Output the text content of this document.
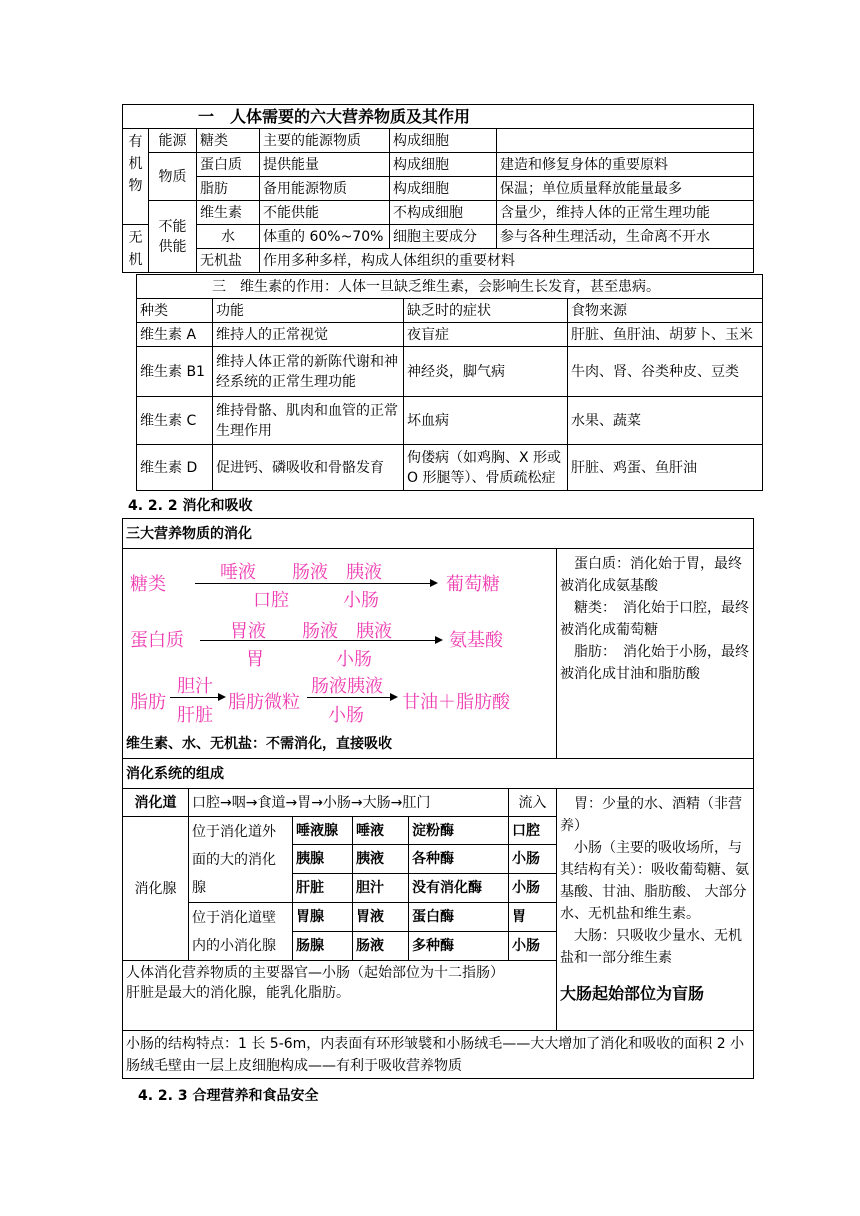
一　人体需要的六大营养物质及其作用					
有机物	能源	糖类	主要的能源物质	构成细胞	
	物质	蛋白质	提供能量	构成细胞	建造和修复身体的重要原料
		脂肪	备用能源物质	构成细胞	保温；单位质量释放能量最多
	不能供能	维生素	不能供能	不构成细胞	含量少，维持人体的正常生理功能
无机		水	体重的 60%~70%	细胞主要成分	参与各种生理活动，生命离不开水
		无机盐	作用多种多样，构成人体组织的重要材料		
三　维生素的作用：人体一旦缺乏维生素，会影响生长发育，甚至患病。			
种类	功能	缺乏时的症状	食物来源
维生素 A	维持人的正常视觉	夜盲症	肝脏、鱼肝油、胡萝卜、玉米
维生素 B1	维持人体正常的新陈代谢和神经系统的正常生理功能	神经炎，脚气病	牛肉、肾、谷类种皮、豆类
维生素 C	维持骨骼、肌肉和血管的正常生理作用	坏血病	水果、蔬菜
维生素 D	促进钙、磷吸收和骨骼发育	佝偻病（如鸡胸、X 形或 O 形腿等）、骨质疏松症	肝脏、鸡蛋、鱼肝油
4. 2. 2 消化和吸收
三大营养物质的消化						
维生素、水、无机盐：不需消化，直接吸收						　蛋白质：消化始于胃，最终被消化成氨基酸
　糖类：　消化始于口腔，最终被消化成葡萄糖
　脂肪：　消化始于小肠，最终被消化成甘油和脂肪酸

消化系统的组成						
消化道	口腔→咽→食道→胃→小肠→大肠→肛门				流入	　胃：少量的水、酒精（非营养）
　小肠（主要的吸收场所，与其结构有关）：吸收葡萄糖、氨基酸、甘油、脂肪酸、 大部分水、无机盐和维生素。
　大肠：只吸收少量水、无机盐和一部分维生素
大肠起始部位为盲肠

消化腺	位于消化道外面的大的消化腺	唾液腺	唾液	淀粉酶	口腔	
		胰腺	胰液	各种酶	小肠	
		肝脏	胆汁	没有消化酶	小肠	
	位于消化道壁内的小消化腺	胃腺	胃液	蛋白酶	胃	
		肠腺	肠液	多种酶	小肠	

人体消化营养物质的主要器官—小肠（起始部位为十二指肠）
肝脏是最大的消化腺，能乳化脂肪。						

小肠的结构特点：1 长 5-6m，内表面有环形皱襞和小肠绒毛——大大增加了消化和吸收的面积 2 小肠绒毛壁由一层上皮细胞构成——有利于吸收营养物质						
糖类
唾液　　肠液　胰液
口腔　　　小肠
葡萄糖
蛋白质	胃液　　肠液　胰液
胃　　　　小肠
氨基酸
脂肪
胆汁
肝脏
脂肪微粒
肠液胰液
小肠
甘油＋脂肪酸
4. 2. 3 合理营养和食品安全
